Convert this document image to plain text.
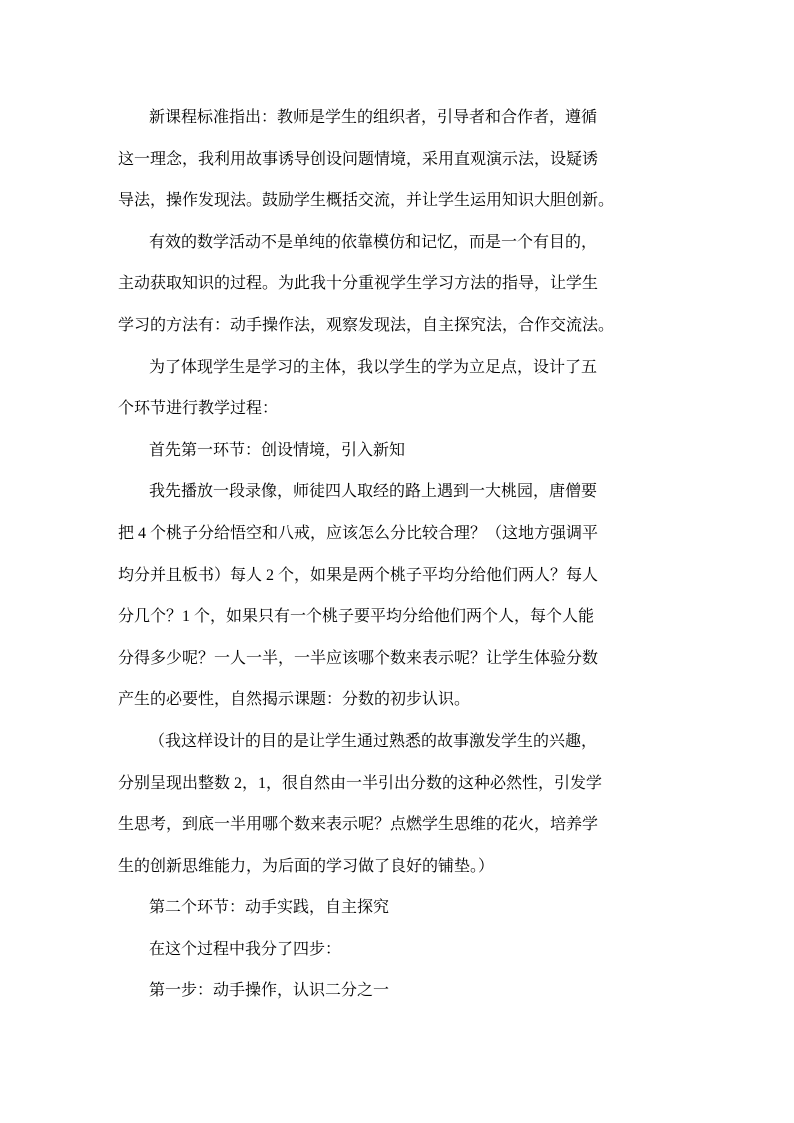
新课程标准指出：教师是学生的组织者，引导者和合作者，遵循
这一理念，我利用故事诱导创设问题情境，采用直观演示法，设疑诱
导法，操作发现法。鼓励学生概括交流，并让学生运用知识大胆创新。
有效的数学活动不是单纯的依靠模仿和记忆，而是一个有目的，
主动获取知识的过程。为此我十分重视学生学习方法的指导，让学生
学习的方法有：动手操作法，观察发现法，自主探究法，合作交流法。
为了体现学生是学习的主体，我以学生的学为立足点，设计了五
个环节进行教学过程：
首先第一环节：创设情境，引入新知
我先播放一段录像，师徒四人取经的路上遇到一大桃园，唐僧要
把 4 个桃子分给悟空和八戒，应该怎么分比较合理？（这地方强调平
均分并且板书）每人 2 个，如果是两个桃子平均分给他们两人？每人
分几个？1 个，如果只有一个桃子要平均分给他们两个人，每个人能
分得多少呢？一人一半，一半应该哪个数来表示呢？让学生体验分数
产生的必要性，自然揭示课题：分数的初步认识。
（我这样设计的目的是让学生通过熟悉的故事激发学生的兴趣，
分别呈现出整数 2，1，很自然由一半引出分数的这种必然性，引发学
生思考，到底一半用哪个数来表示呢？点燃学生思维的花火，培养学
生的创新思维能力，为后面的学习做了良好的铺垫。）
第二个环节：动手实践，自主探究
在这个过程中我分了四步：
第一步：动手操作，认识二分之一
